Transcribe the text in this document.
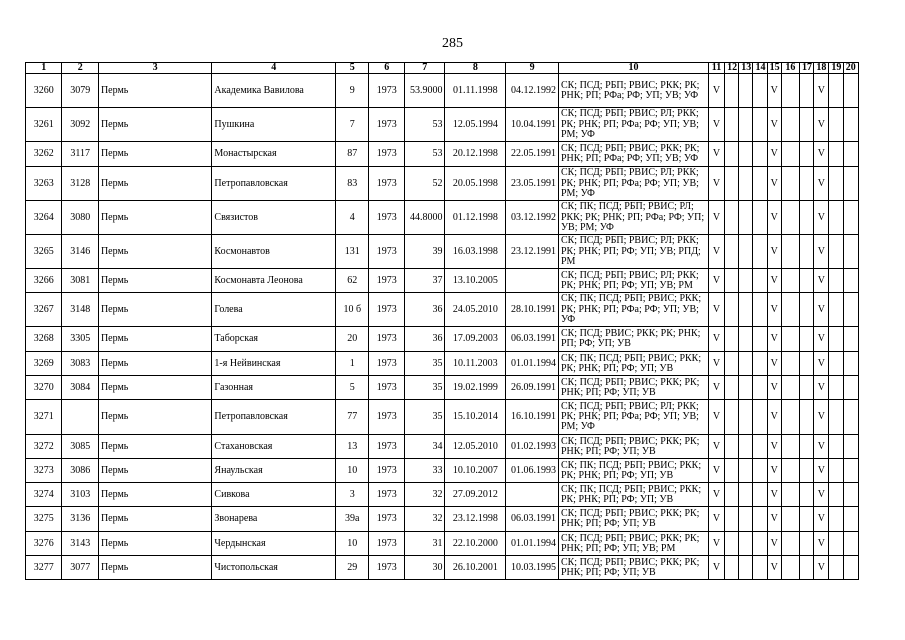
285
1	2	3	4	5	6	7	8	9	10	11	12	13	14	15	16	17	18	19	20
3260	3079	Пермь	Академика Вавилова	9	1973	53.9000	01.11.1998	04.12.1992	СК; ПСД; РБП; РВИС; РКК; РК; РНК; РП; РФа; РФ; УП; УВ; УФ	V				V			V		
3261	3092	Пермь	Пушкина	7	1973	53	12.05.1994	10.04.1991	СК; ПСД; РБП; РВИС; РЛ; РКК; РК; РНК; РП; РФа; РФ; УП; УВ; РМ; УФ	V				V			V		
3262	3117	Пермь	Монастырская	87	1973	53	20.12.1998	22.05.1991	СК; ПСД; РБП; РВИС; РКК; РК; РНК; РП; РФа; РФ; УП; УВ; УФ	V				V			V		
3263	3128	Пермь	Петропавловская	83	1973	52	20.05.1998	23.05.1991	СК; ПСД; РБП; РВИС; РЛ; РКК; РК; РНК; РП; РФа; РФ; УП; УВ; РМ; УФ	V				V			V		
3264	3080	Пермь	Связистов	4	1973	44.8000	01.12.1998	03.12.1992	СК; ПК; ПСД; РБП; РВИС; РЛ; РКК; РК; РНК; РП; РФа; РФ; УП; УВ; РМ; УФ	V				V			V		
3265	3146	Пермь	Космонавтов	131	1973	39	16.03.1998	23.12.1991	СК; ПСД; РБП; РВИС; РЛ; РКК; РК; РНК; РП; РФ; УП; УВ; РПД; РМ	V				V			V		
3266	3081	Пермь	Космонавта Леонова	62	1973	37	13.10.2005		СК; ПСД; РБП; РВИС; РЛ; РКК; РК; РНК; РП; РФ; УП; УВ; РМ	V				V			V		
3267	3148	Пермь	Голева	10 б	1973	36	24.05.2010	28.10.1991	СК; ПК; ПСД; РБП; РВИС; РКК; РК; РНК; РП; РФа; РФ; УП; УВ; УФ	V				V			V		
3268	3305	Пермь	Таборская	20	1973	36	17.09.2003	06.03.1991	СК; ПСД; РВИС; РКК; РК; РНК; РП; РФ; УП; УВ	V				V			V		
3269	3083	Пермь	1-я Нейвинская	1	1973	35	10.11.2003	01.01.1994	СК; ПК; ПСД; РБП; РВИС; РКК; РК; РНК; РП; РФ; УП; УВ	V				V			V		
3270	3084	Пермь	Газонная	5	1973	35	19.02.1999	26.09.1991	СК; ПСД; РБП; РВИС; РКК; РК; РНК; РП; РФ; УП; УВ	V				V			V		
3271		Пермь	Петропавловская	77	1973	35	15.10.2014	16.10.1991	СК; ПСД; РБП; РВИС; РЛ; РКК; РК; РНК; РП; РФа; РФ; УП; УВ; РМ; УФ	V				V			V		
3272	3085	Пермь	Стахановская	13	1973	34	12.05.2010	01.02.1993	СК; ПСД; РБП; РВИС; РКК; РК; РНК; РП; РФ; УП; УВ	V				V			V		
3273	3086	Пермь	Янаульская	10	1973	33	10.10.2007	01.06.1993	СК; ПК; ПСД; РБП; РВИС; РКК; РК; РНК; РП; РФ; УП; УВ	V				V			V		
3274	3103	Пермь	Сивкова	3	1973	32	27.09.2012		СК; ПК; ПСД; РБП; РВИС; РКК; РК; РНК; РП; РФ; УП; УВ	V				V			V		
3275	3136	Пермь	Звонарева	39а	1973	32	23.12.1998	06.03.1991	СК; ПСД; РБП; РВИС; РКК; РК; РНК; РП; РФ; УП; УВ	V				V			V		
3276	3143	Пермь	Чердынская	10	1973	31	22.10.2000	01.01.1994	СК; ПСД; РБП; РВИС; РКК; РК; РНК; РП; РФ; УП; УВ; РМ	V				V			V		
3277	3077	Пермь	Чистопольская	29	1973	30	26.10.2001	10.03.1995	СК; ПСД; РБП; РВИС; РКК; РК; РНК; РП; РФ; УП; УВ	V				V			V		
